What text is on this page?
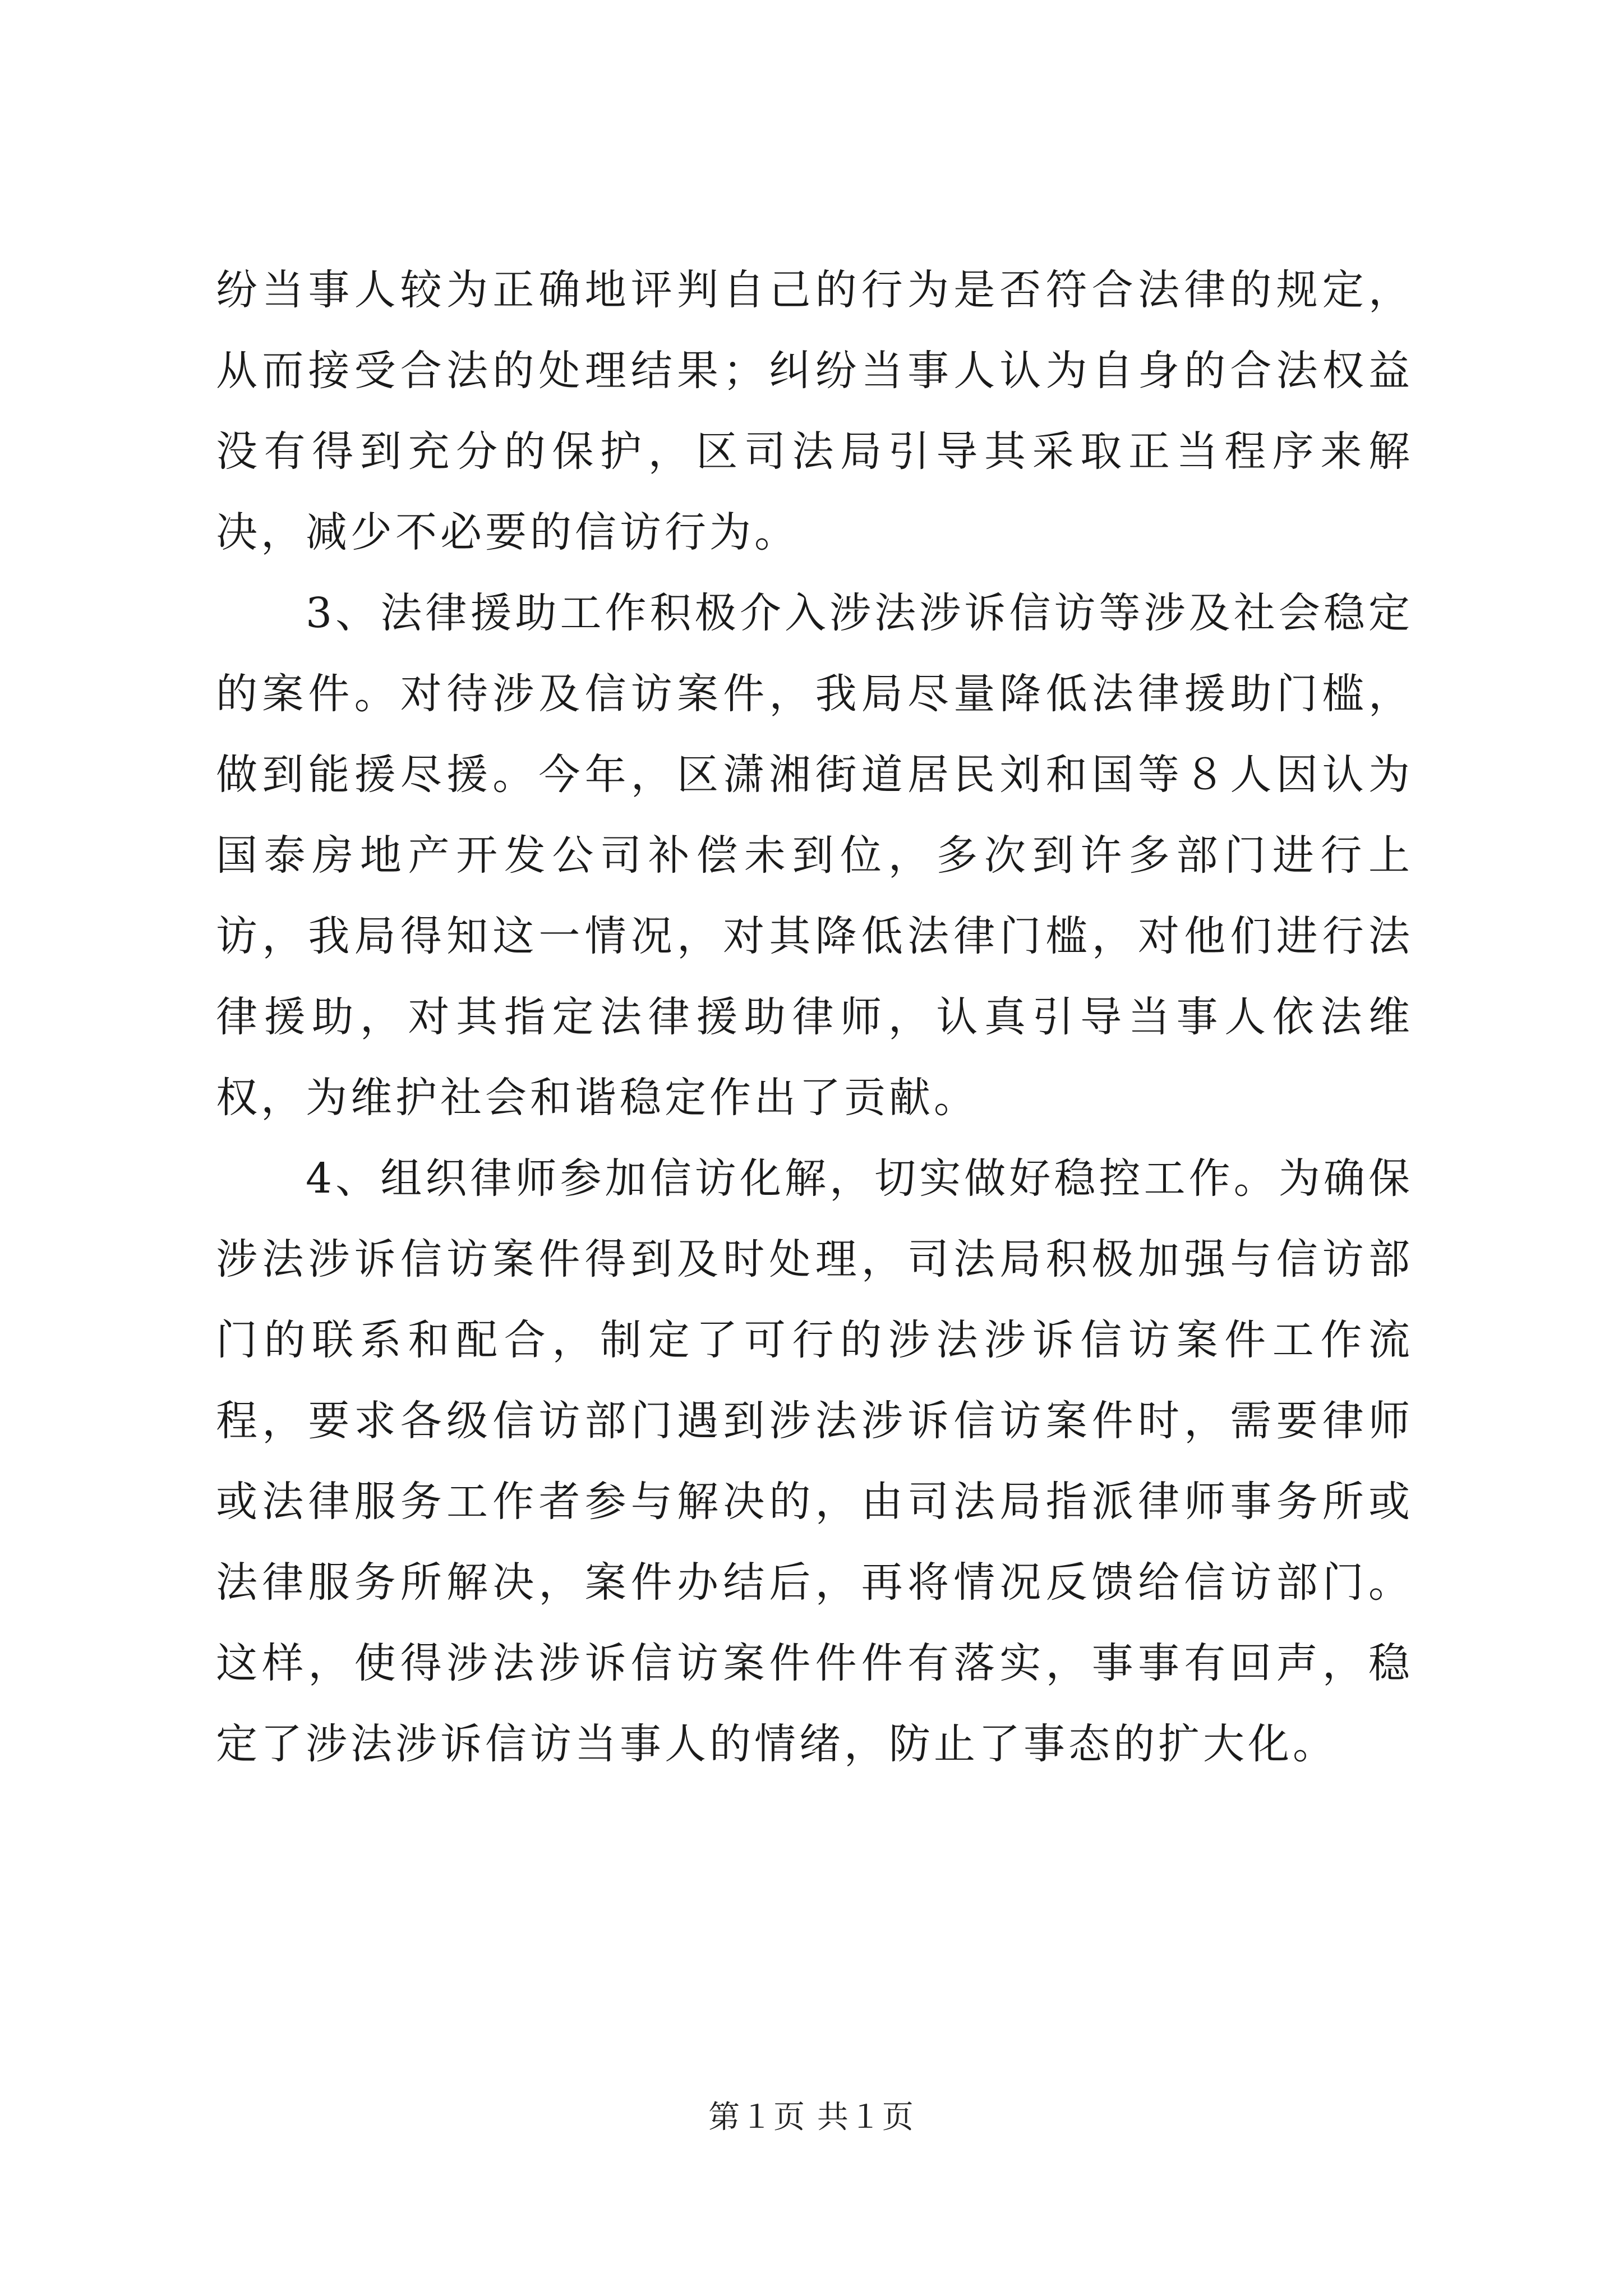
纷当事人较为正确地评判自己的行为是否符合法律的规定，从而接受合法的处理结果；纠纷当事人认为自身的合法权益没有得到充分的保护，区司法局引导其采取正当程序来解决，减少不必要的信访行为。

3、法律援助工作积极介入涉法涉诉信访等涉及社会稳定的案件。对待涉及信访案件，我局尽量降低法律援助门槛，做到能援尽援。今年，区潇湘街道居民刘和国等８人因认为国泰房地产开发公司补偿未到位，多次到许多部门进行上访，我局得知这一情况，对其降低法律门槛，对他们进行法律援助，对其指定法律援助律师，认真引导当事人依法维权，为维护社会和谐稳定作出了贡献。

4、组织律师参加信访化解，切实做好稳控工作。为确保涉法涉诉信访案件得到及时处理，司法局积极加强与信访部门的联系和配合，制定了可行的涉法涉诉信访案件工作流程，要求各级信访部门遇到涉法涉诉信访案件时，需要律师或法律服务工作者参与解决的，由司法局指派律师事务所或法律服务所解决，案件办结后，再将情况反馈给信访部门。这样，使得涉法涉诉信访案件件件有落实，事事有回声，稳定了涉法涉诉信访当事人的情绪，防止了事态的扩大化。

第１页 共１页
